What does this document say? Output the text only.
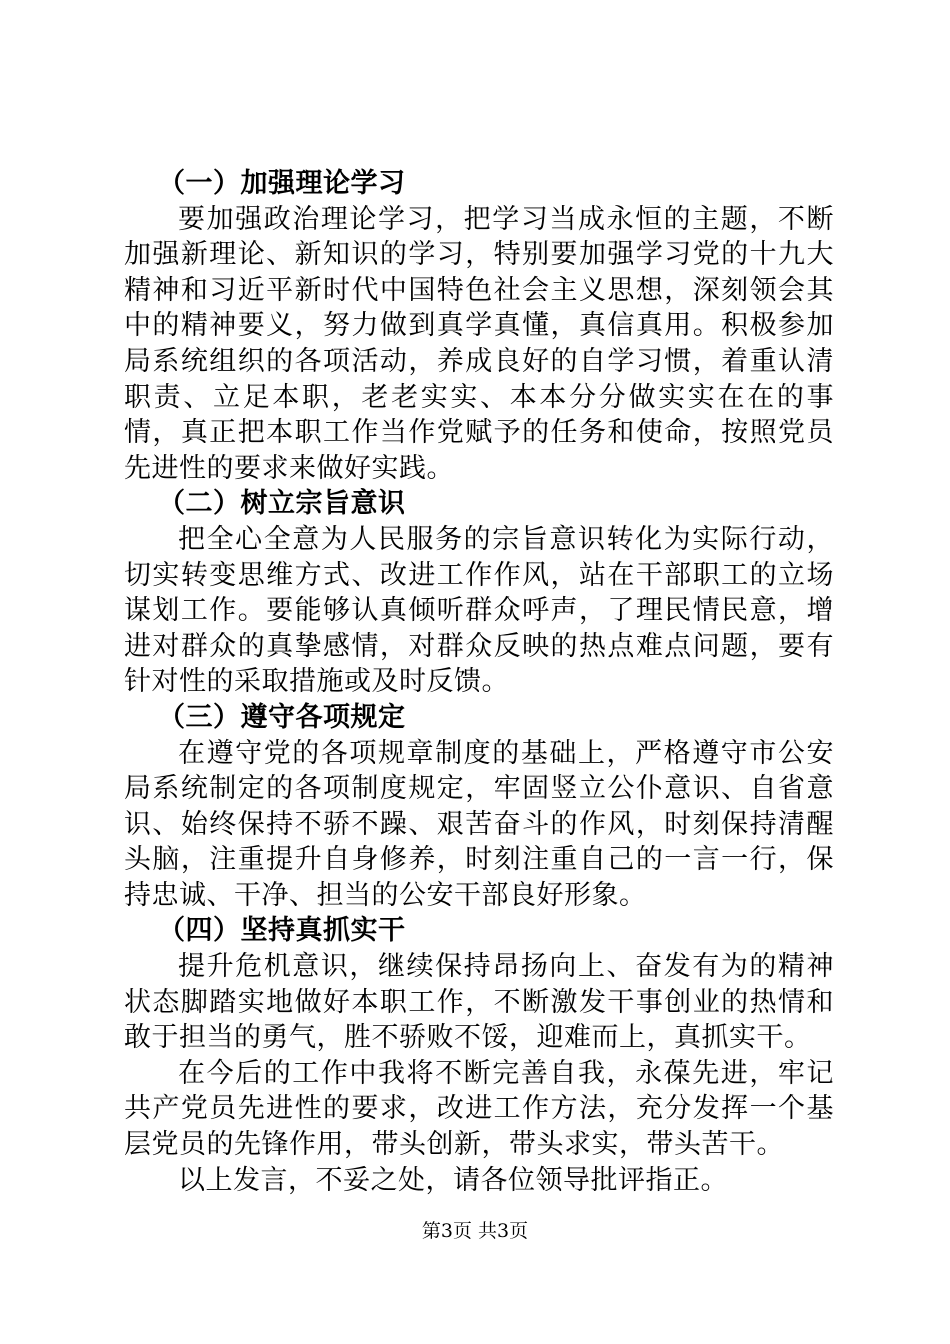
（一）加强理论学习

要加强政治理论学习，把学习当成永恒的主题，不断加强新理论、新知识的学习，特别要加强学习党的十九大精神和习近平新时代中国特色社会主义思想，深刻领会其中的精神要义，努力做到真学真懂，真信真用。积极参加局系统组织的各项活动，养成良好的自学习惯，着重认清职责、立足本职，老老实实、本本分分做实实在在的事情，真正把本职工作当作党赋予的任务和使命，按照党员先进性的要求来做好实践。

（二）树立宗旨意识

把全心全意为人民服务的宗旨意识转化为实际行动，切实转变思维方式、改进工作作风，站在干部职工的立场谋划工作。要能够认真倾听群众呼声，了理民情民意，增进对群众的真挚感情，对群众反映的热点难点问题，要有针对性的采取措施或及时反馈。

（三）遵守各项规定

在遵守党的各项规章制度的基础上，严格遵守市公安局系统制定的各项制度规定，牢固竖立公仆意识、自省意识、始终保持不骄不躁、艰苦奋斗的作风，时刻保持清醒头脑，注重提升自身修养，时刻注重自己的一言一行，保持忠诚、干净、担当的公安干部良好形象。

（四）坚持真抓实干

提升危机意识，继续保持昂扬向上、奋发有为的精神状态脚踏实地做好本职工作，不断激发干事创业的热情和敢于担当的勇气，胜不骄败不馁，迎难而上，真抓实干。

在今后的工作中我将不断完善自我，永葆先进，牢记共产党员先进性的要求，改进工作方法，充分发挥一个基层党员的先锋作用，带头创新，带头求实，带头苦干。

以上发言，不妥之处，请各位领导批评指正。

第3页 共3页
